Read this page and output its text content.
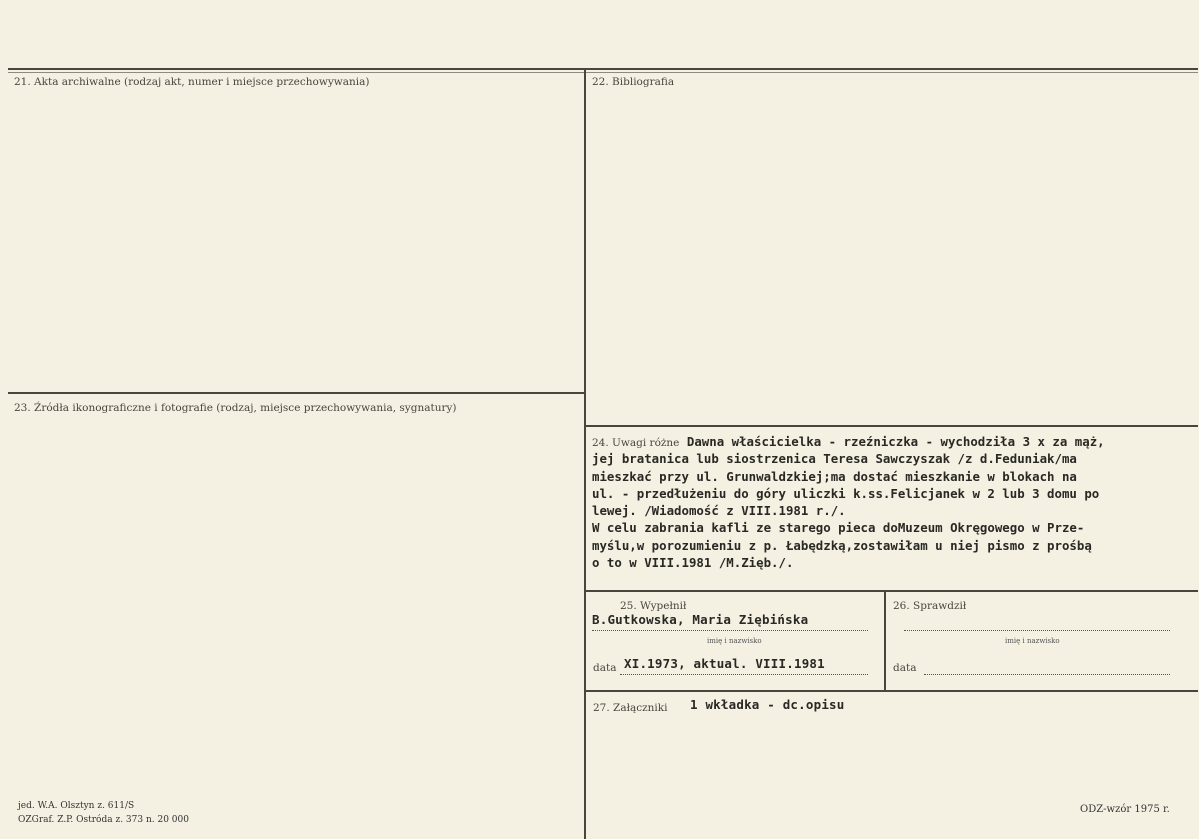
21. Akta archiwalne (rodzaj akt, numer i miejsce przechowywania)	22. Bibliografia
23. Źródła ikonograficzne i fotografie (rodzaj, miejsce przechowywania, sygnatury)
24. Uwagi różne Dawna właścicielka - rzeźniczka - wychodziła 3 x za mąż,
jej bratanica lub siostrzenica Teresa Sawczyszak /z d.Feduniak/ma
mieszkać przy ul. Grunwaldzkiej;ma dostać mieszkanie w blokach na
ul. - przedłużeniu do góry uliczki k.ss.Felicjanek w 2 lub 3 domu po
lewej. /Wiadomość z VIII.1981 r./.
W celu zabrania kafli ze starego pieca doMuzeum Okręgowego w Prze-
myślu,w porozumieniu z p. Łabędzką,zostawiłam u niej pismo z prośbą
o to w VIII.1981 /M.Zięb./.
25. Wypełnił
B.Gutkowska, Maria Ziębińska
imię i nazwisko
data XI.1973, aktual. VIII.1981
26. Sprawdził
imię i nazwisko
data
27. Załączniki 1 wkładka - dc.opisu
jed. W.A. Olsztyn z. 611/S
OZGraf. Z.P. Ostróda z. 373 n. 20 000
ODZ-wzór 1975 r.
